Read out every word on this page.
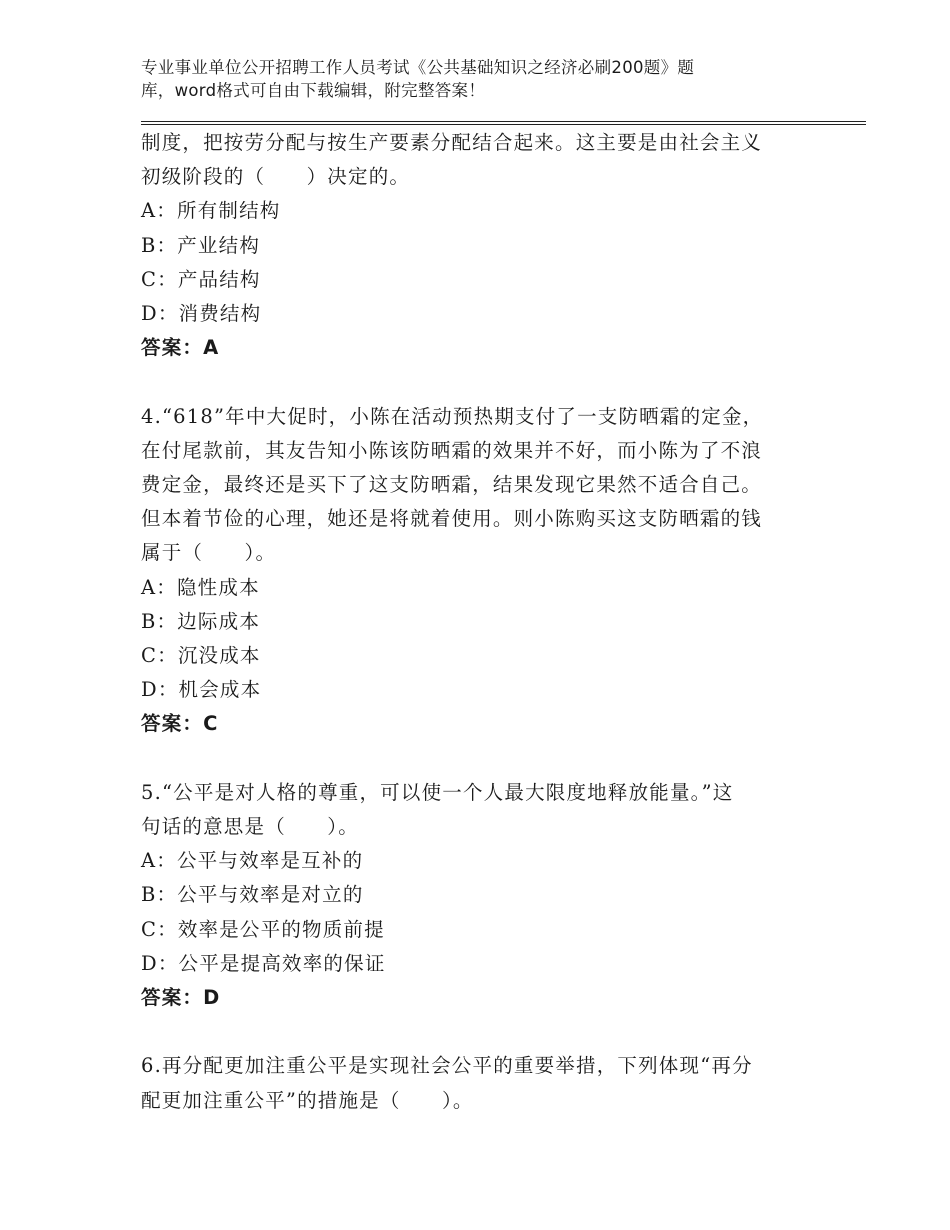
专业事业单位公开招聘工作人员考试《公共基础知识之经济必刷200题》题
库，word格式可自由下载编辑，附完整答案！
制度，把按劳分配与按生产要素分配结合起来。这主要是由社会主义
初级阶段的（　　）决定的。
A：所有制结构
B：产业结构
C：产品结构
D：消费结构
答案：A
4.“618”年中大促时，小陈在活动预热期支付了一支防晒霜的定金，
在付尾款前，其友告知小陈该防晒霜的效果并不好，而小陈为了不浪
费定金，最终还是买下了这支防晒霜，结果发现它果然不适合自己。
但本着节俭的心理，她还是将就着使用。则小陈购买这支防晒霜的钱
属于（　　）。
A：隐性成本
B：边际成本
C：沉没成本
D：机会成本
答案：C
5.“公平是对人格的尊重，可以使一个人最大限度地释放能量。”这
句话的意思是（　　）。
A：公平与效率是互补的
B：公平与效率是对立的
C：效率是公平的物质前提
D：公平是提高效率的保证
答案：D
6.再分配更加注重公平是实现社会公平的重要举措，下列体现“再分
配更加注重公平”的措施是（　　）。
